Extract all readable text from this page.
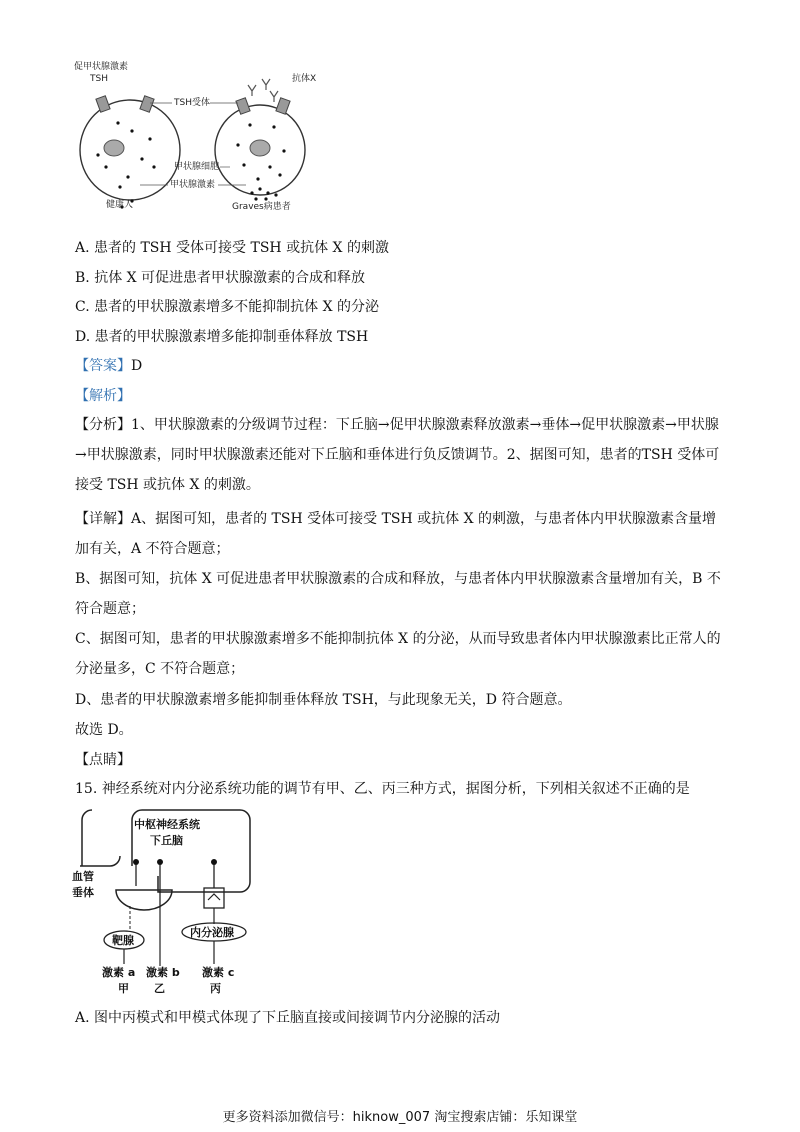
促甲状腺激素
TSH
健康人
抗体X
TSH受体
甲状腺细胞
甲状腺激素
Graves病患者
A. 患者的 TSH 受体可接受 TSH 或抗体 X 的刺激
B. 抗体 X 可促进患者甲状腺激素的合成和释放
C. 患者的甲状腺激素增多不能抑制抗体 X 的分泌
D. 患者的甲状腺激素增多能抑制垂体释放 TSH
【答案】D
【解析】
【分析】1、甲状腺激素的分级调节过程：下丘脑→促甲状腺激素释放激素→垂体→促甲状腺激素→甲状腺→甲状腺激素，同时甲状腺激素还能对下丘脑和垂体进行负反馈调节。2、据图可知，患者的TSH 受体可接受 TSH 或抗体 X 的刺激。
【详解】A、据图可知，患者的 TSH 受体可接受 TSH 或抗体 X 的刺激，与患者体内甲状腺激素含量增加有关，A 不符合题意；
B、据图可知，抗体 X 可促进患者甲状腺激素的合成和释放，与患者体内甲状腺激素含量增加有关，B 不符合题意；
C、据图可知，患者的甲状腺激素增多不能抑制抗体 X 的分泌，从而导致患者体内甲状腺激素比正常人的分泌量多，C 不符合题意；
D、患者的甲状腺激素增多能抑制垂体释放 TSH，与此现象无关，D 符合题意。
故选 D。
【点睛】
15. 神经系统对内分泌系统功能的调节有甲、乙、丙三种方式，据图分析，下列相关叙述不正确的是
中枢神经系统
下丘脑
血管
垂体
靶腺
内分泌腺
激素 a 激素 b 激素 c
甲 乙	丙
A. 图中丙模式和甲模式体现了下丘脑直接或间接调节内分泌腺的活动
更多资料添加微信号：hiknow_007 淘宝搜索店铺：乐知课堂
